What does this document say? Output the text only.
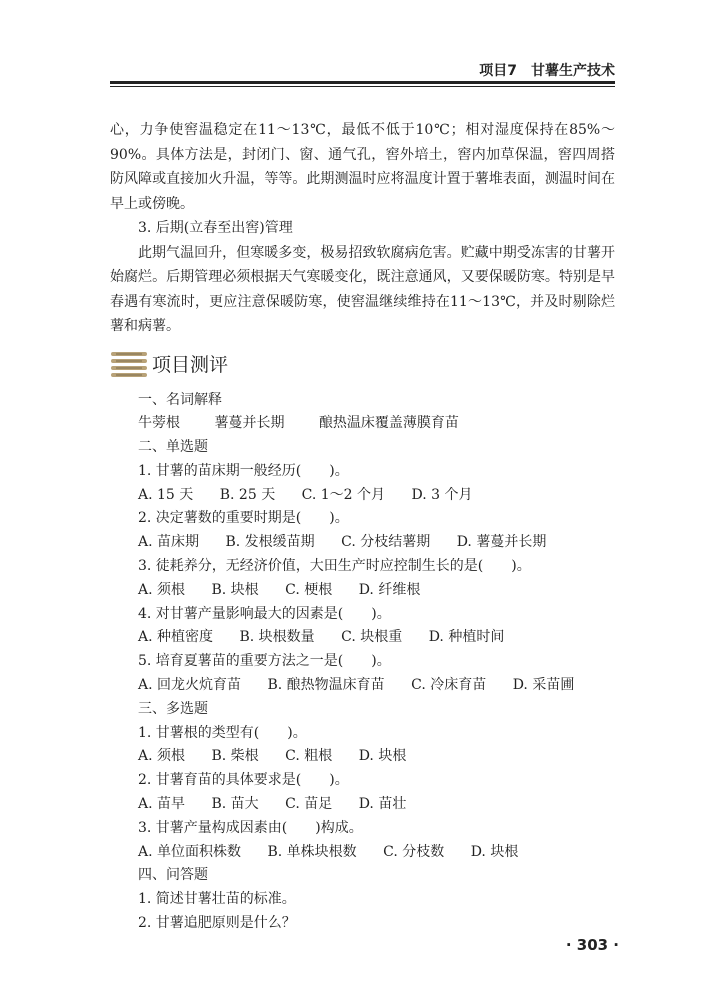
项目7　甘薯生产技术

心，力争使窖温稳定在11～13℃，最低不低于10℃；相对湿度保持在85%～90%。具体方法是，封闭门、窗、通气孔，窖外培土，窖内加草保温，窖四周搭防风障或直接加火升温，等等。此期测温时应将温度计置于薯堆表面，测温时间在早上或傍晚。

3. 后期(立春至出窖)管理

此期气温回升，但寒暖多变，极易招致软腐病危害。贮藏中期受冻害的甘薯开始腐烂。后期管理必须根据天气寒暖变化，既注意通风，又要保暖防寒。特别是早春遇有寒流时，更应注意保暖防寒，使窖温继续维持在11～13℃，并及时剔除烂薯和病薯。

项目测评
一、名词解释
牛蒡根 薯蔓并长期 酿热温床覆盖薄膜育苗
二、单选题
1. 甘薯的苗床期一般经历(　　)。
A. 15 天 B. 25 天 C. 1～2 个月 D. 3 个月
2. 决定薯数的重要时期是(　　)。
A. 苗床期 B. 发根缓苗期 C. 分枝结薯期 D. 薯蔓并长期
3. 徒耗养分，无经济价值，大田生产时应控制生长的是(　　)。
A. 须根 B. 块根 C. 梗根 D. 纤维根
4. 对甘薯产量影响最大的因素是(　　)。
A. 种植密度 B. 块根数量 C. 块根重 D. 种植时间
5. 培育夏薯苗的重要方法之一是(　　)。
A. 回龙火炕育苗 B. 酿热物温床育苗 C. 冷床育苗 D. 采苗圃
三、多选题
1. 甘薯根的类型有(　　)。
A. 须根 B. 柴根 C. 粗根 D. 块根
2. 甘薯育苗的具体要求是(　　)。
A. 苗早 B. 苗大 C. 苗足 D. 苗壮
3. 甘薯产量构成因素由(　　)构成。
A. 单位面积株数 B. 单株块根数 C. 分枝数 D. 块根
四、问答题
1. 简述甘薯壮苗的标准。
2. 甘薯追肥原则是什么？
· 303 ·
